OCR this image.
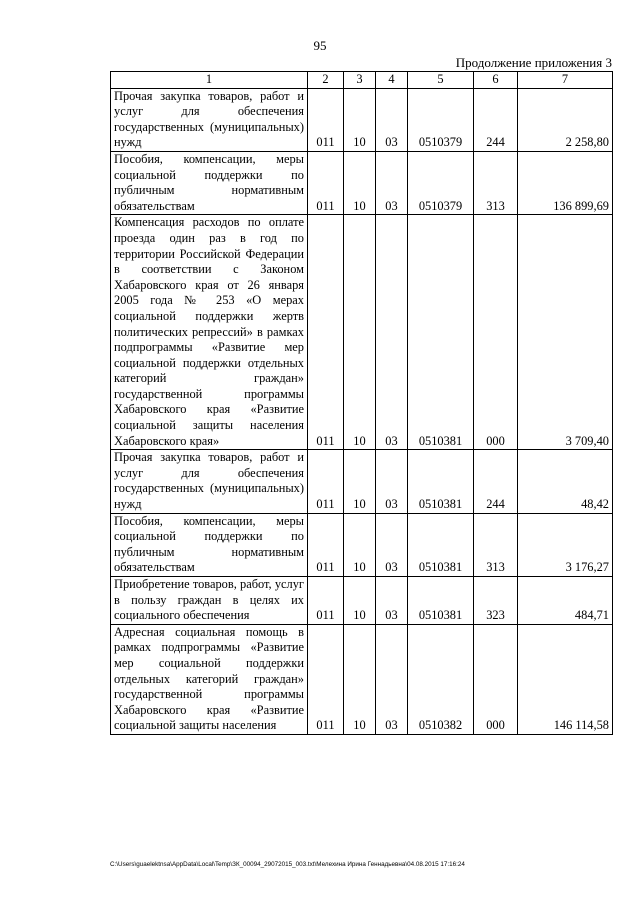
95
Продолжение приложения 3
1	2	3	4	5	6	7
Прочая закупка товаров, работ и услуг для обеспечения государственных (муниципальных) нужд	011	10	03	0510379	244	2 258,80
Пособия, компенсации, меры социальной поддержки по публичным нормативным обязательствам	011	10	03	0510379	313	136 899,69
Компенсация расходов по оплате проезда один раз в год по территории Российской Федерации в соответствии с Законом Хабаровского края от 26 января 2005 года № 253 «О мерах социальной поддержки жертв политических репрессий» в рамках подпрограммы «Развитие мер социальной поддержки отдельных категорий граждан» государственной программы Хабаровского края «Развитие социальной защиты населения Хабаровского края»	011	10	03	0510381	000	3 709,40
Прочая закупка товаров, работ и услуг для обеспечения государственных (муниципальных) нужд	011	10	03	0510381	244	48,42
Пособия, компенсации, меры социальной поддержки по публичным нормативным обязательствам	011	10	03	0510381	313	3 176,27
Приобретение товаров, работ, услуг в пользу граждан в целях их социального обеспечения	011	10	03	0510381	323	484,71
Адресная социальная помощь в рамках подпрограммы «Развитие мер социальной поддержки отдельных категорий граждан» государственной программы Хабаровского края «Развитие социальной защиты населения	011	10	03	0510382	000	146 114,58
C:\Users\guaelektnsa\AppData\Local\Temp\ЗК_00094_29072015_003.txt\Мелехина Ирина Геннадьевна\04.08.2015 17:16:24
